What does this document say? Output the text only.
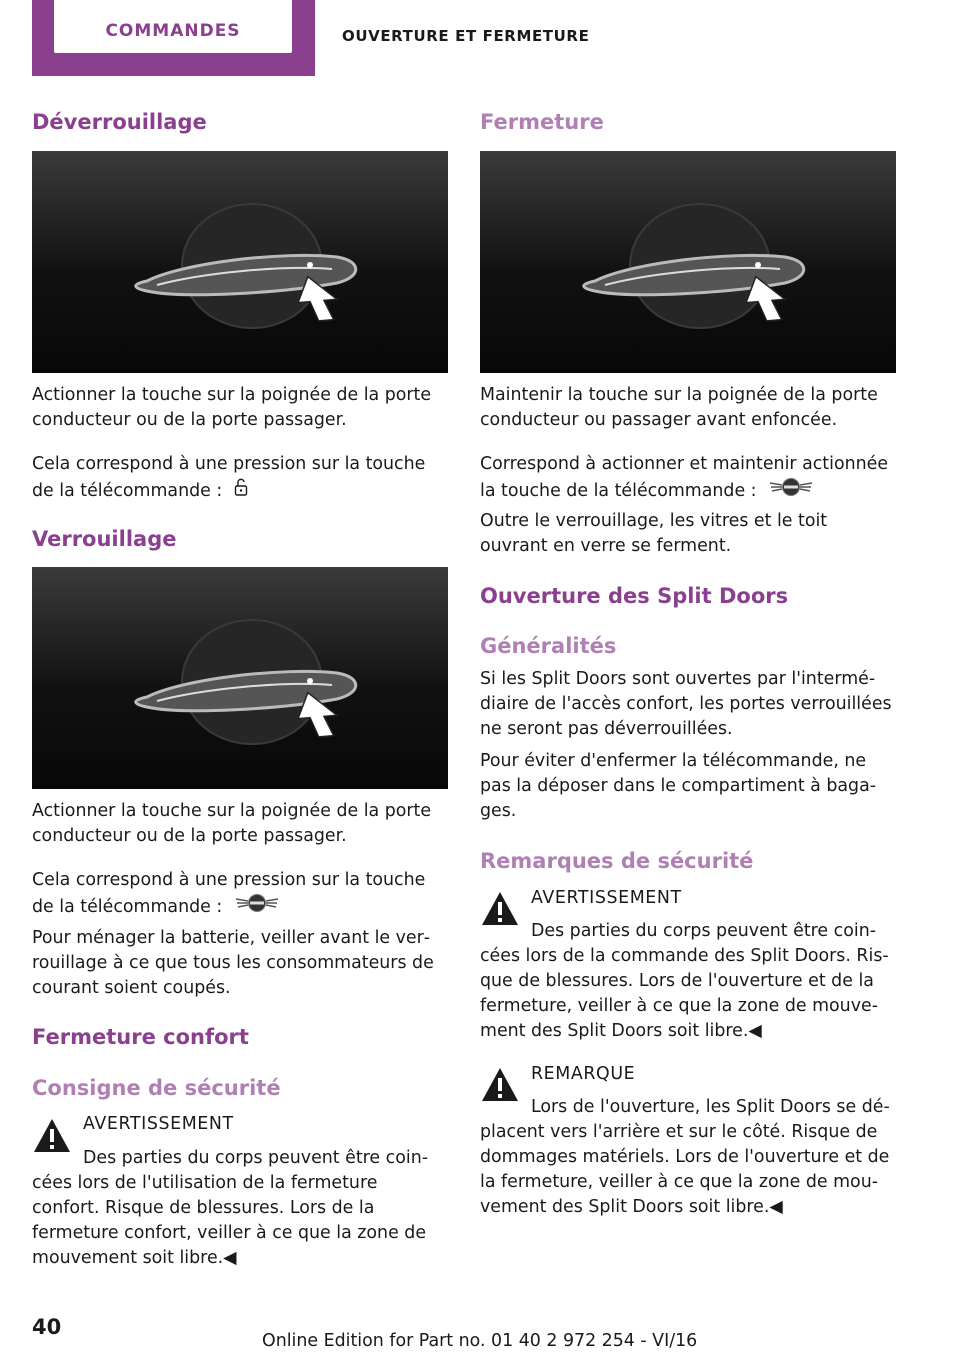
COMMANDES	OUVERTURE ET FERMETURE
Déverrouillage

Actionner la touche sur la poignée de la porte conducteur ou de la porte passager.

Cela correspond à une pression sur la touche de la télécommande :

Verrouillage

Actionner la touche sur la poignée de la porte conducteur ou de la porte passager.

Cela correspond à une pression sur la touche de la télécommande :

Pour ménager la batterie, veiller avant le verrouillage à ce que tous les consommateurs de courant soient coupés.

Fermeture confort
Consigne de sécurité

AVERTISSEMENT

Des parties du corps peuvent être coincées lors de l'utilisation de la fermeture confort. Risque de blessures. Lors de la fermeture confort, veiller à ce que la zone de mouvement soit libre.◀

Fermeture

Maintenir la touche sur la poignée de la porte conducteur ou passager avant enfoncée.

Correspond à actionner et maintenir actionnée la touche de la télécommande :

Outre le verrouillage, les vitres et le toit ouvrant en verre se ferment.

Ouverture des Split Doors
Généralités

Si les Split Doors sont ouvertes par l'intermédiaire de l'accès confort, les portes verrouillées ne seront pas déverrouillées.

Pour éviter d'enfermer la télécommande, ne pas la déposer dans le compartiment à bagages.

Remarques de sécurité

AVERTISSEMENT

Des parties du corps peuvent être coincées lors de la commande des Split Doors. Risque de blessures. Lors de l'ouverture et de la fermeture, veiller à ce que la zone de mouvement des Split Doors soit libre.◀

REMARQUE

Lors de l'ouverture, les Split Doors se déplacent vers l'arrière et sur le côté. Risque de dommages matériels. Lors de l'ouverture et de la fermeture, veiller à ce que la zone de mouvement des Split Doors soit libre.◀

40
Online Edition for Part no. 01 40 2 972 254 - VI/16
